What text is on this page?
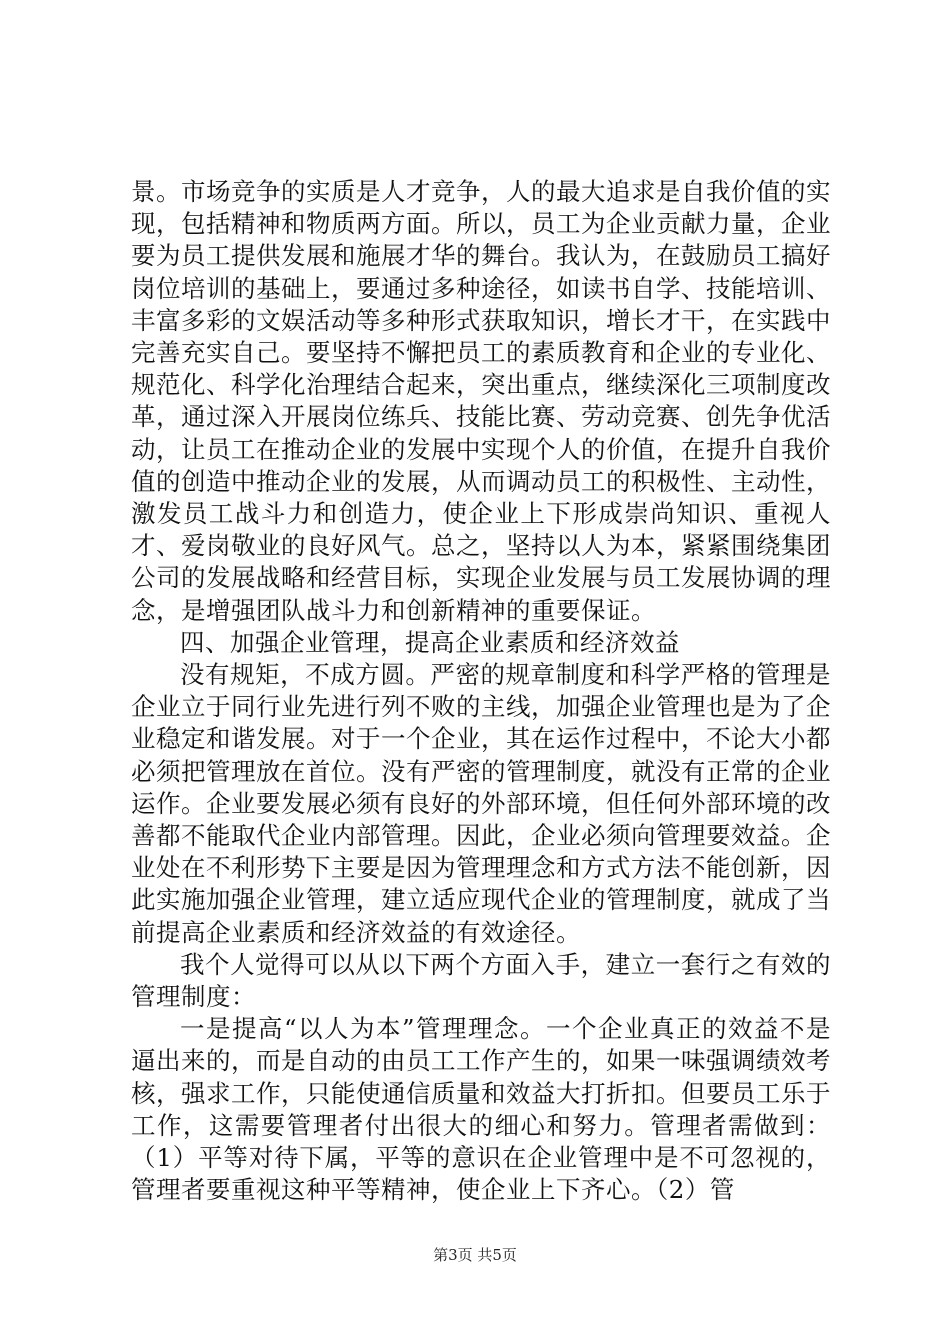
景。市场竞争的实质是人才竞争，人的最大追求是自我价值的实现，包括精神和物质两方面。所以，员工为企业贡献力量，企业要为员工提供发展和施展才华的舞台。我认为，在鼓励员工搞好岗位培训的基础上，要通过多种途径，如读书自学、技能培训、丰富多彩的文娱活动等多种形式获取知识，增长才干，在实践中完善充实自己。要坚持不懈把员工的素质教育和企业的专业化、规范化、科学化治理结合起来，突出重点，继续深化三项制度改革，通过深入开展岗位练兵、技能比赛、劳动竞赛、创先争优活动，让员工在推动企业的发展中实现个人的价值，在提升自我价值的创造中推动企业的发展，从而调动员工的积极性、主动性，激发员工战斗力和创造力，使企业上下形成崇尚知识、重视人才、爱岗敬业的良好风气。总之，坚持以人为本，紧紧围绕集团公司的发展战略和经营目标，实现企业发展与员工发展协调的理念，是增强团队战斗力和创新精神的重要保证。

四、加强企业管理，提高企业素质和经济效益

没有规矩，不成方圆。严密的规章制度和科学严格的管理是企业立于同行业先进行列不败的主线，加强企业管理也是为了企业稳定和谐发展。对于一个企业，其在运作过程中，不论大小都必须把管理放在首位。没有严密的管理制度，就没有正常的企业运作。企业要发展必须有良好的外部环境，但任何外部环境的改善都不能取代企业内部管理。因此，企业必须向管理要效益。企业处在不利形势下主要是因为管理理念和方式方法不能创新，因此实施加强企业管理，建立适应现代企业的管理制度，就成了当前提高企业素质和经济效益的有效途径。

我个人觉得可以从以下两个方面入手，建立一套行之有效的管理制度：

一是提高“以人为本”管理理念。一个企业真正的效益不是逼出来的，而是自动的由员工工作产生的，如果一味强调绩效考核，强求工作，只能使通信质量和效益大打折扣。但要员工乐于工作，这需要管理者付出很大的细心和努力。管理者需做到：（1）平等对待下属，平等的意识在企业管理中是不可忽视的，管理者要重视这种平等精神，使企业上下齐心。（2）管

第3页 共5页
